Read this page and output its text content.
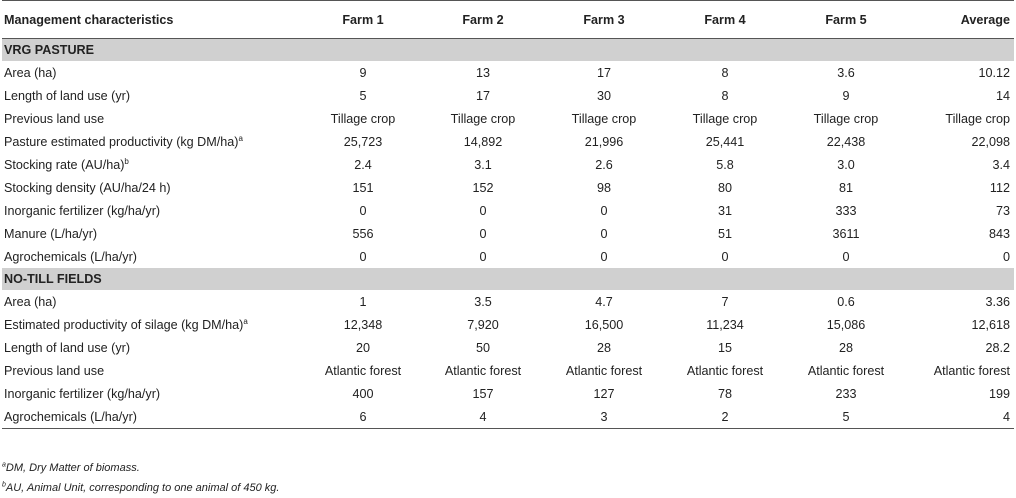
Management characteristics	Farm 1	Farm 2	Farm 3	Farm 4	Farm 5	Average
VRG PASTURE						
Area (ha)	9	13	17	8	3.6	10.12
Length of land use (yr)	5	17	30	8	9	14
Previous land use	Tillage crop	Tillage crop	Tillage crop	Tillage crop	Tillage crop	Tillage crop
Pasture estimated productivity (kg DM/ha)$^a$	25,723	14,892	21,996	25,441	22,438	22,098
Stocking rate $(AU/ha)^b$	2.4	3.1	2.6	5.8	3.0	3.4
Stocking density (AU/ha/24 h)	151	152	98	80	81	112
Inorganic fertilizer (kg/ha/yr)	0	0	0	31	333	73
Manure (L/ha/yr)	556	0	0	51	3611	843
Agrochemicals (L/ha/yr)	0	0	0	0	0	0
NO-TILL FIELDS						
Area (ha)	1	3.5	4.7	7	0.6	3.36
Estimated productivity of silage (kg DM/ha)$^a$	12,348	7,920	16,500	11,234	15,086	12,618
Length of land use (yr)	20	50	28	15	28	28.2
Previous land use	Atlantic forest	Atlantic forest	Atlantic forest	Atlantic forest	Atlantic forest	Atlantic forest
Inorganic fertilizer (kg/ha/yr)	400	157	127	78	233	199
Agrochemicals (L/ha/yr)	6	4	3	2	5	4
$^a$DM, Dry Matter of biomass.
$^b$AU, Animal Unit, corresponding to one animal of 450 kg.
